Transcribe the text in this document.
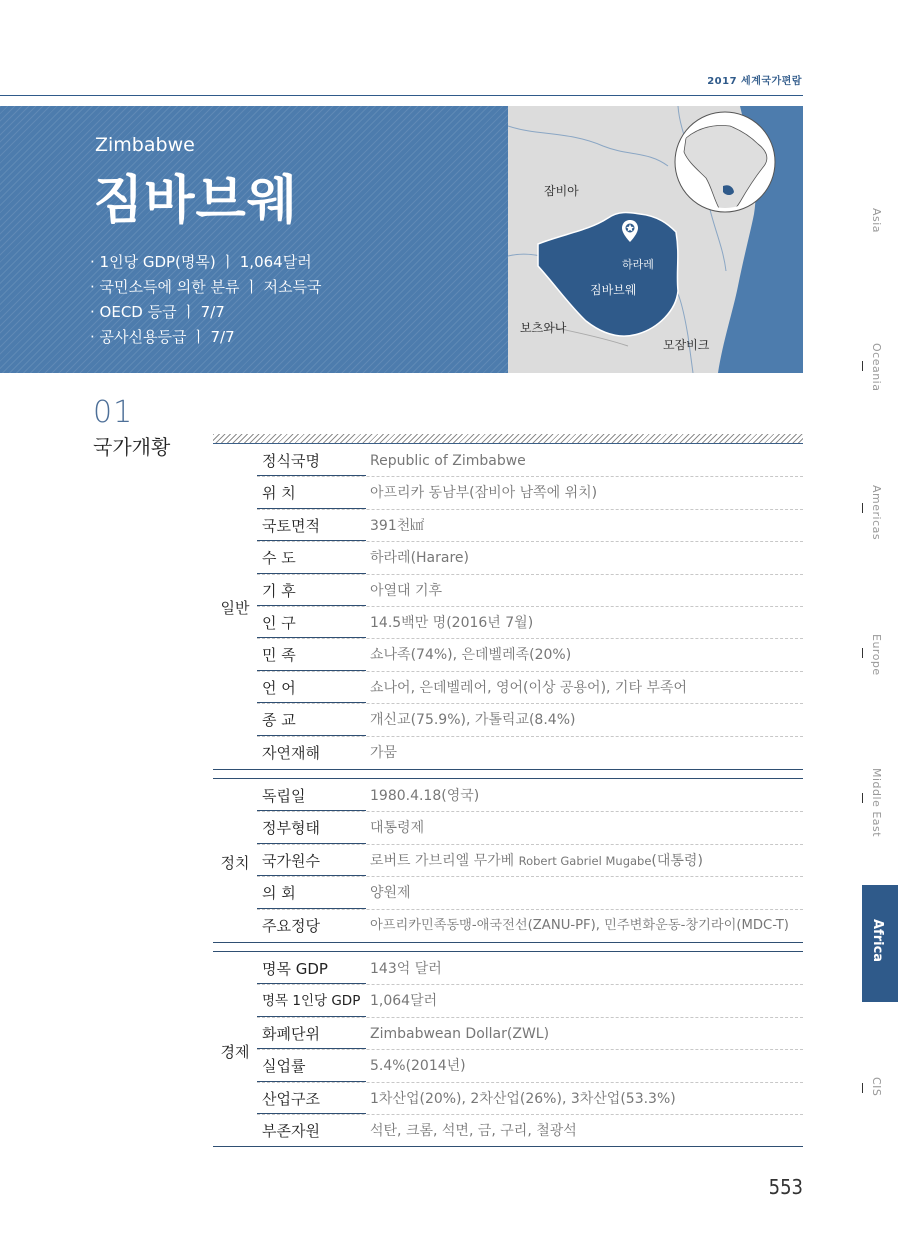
2017 세계국가편람
Zimbabwe
짐바브웨
· 1인당 GDP(명목) ㅣ 1,064달러
· 국민소득에 의한 분류 ㅣ 저소득국
· OECD 등급 ㅣ 7/7
· 공사신용등급 ㅣ 7/7
잠비아
하라레
짐바브웨
보츠와나
모잠비크
01
국가개황
일반
정식국명	Republic of Zimbabwe
위 치	아프리카 동남부(잠비아 남쪽에 위치)
국토면적	391천㎢
수 도	하라레(Harare)
기 후	아열대 기후
인 구	14.5백만 명(2016년 7월)
민 족	쇼나족(74%), 은데벨레족(20%)
언 어	쇼나어, 은데벨레어, 영어(이상 공용어), 기타 부족어
종 교	개신교(75.9%), 가톨릭교(8.4%)
자연재해	가뭄
정치
독립일	1980.4.18(영국)
정부형태	대통령제
국가원수	로버트 가브리엘 무가베 Robert Gabriel Mugabe(대통령)
의 회	양원제
주요정당	아프리카민족동맹-애국전선(ZANU-PF), 민주변화운동-창기라이(MDC-T)
경제
명목 GDP	143억 달러
명목 1인당 GDP 1,064달러
화폐단위	Zimbabwean Dollar(ZWL)
실업률	5.4%(2014년)
산업구조	1차산업(20%), 2차산업(26%), 3차산업(53.3%)
부존자원	석탄, 크롬, 석면, 금, 구리, 철광석
Asia
Oceania
Americas
Europe
Middle East
Africa
CIS
553
